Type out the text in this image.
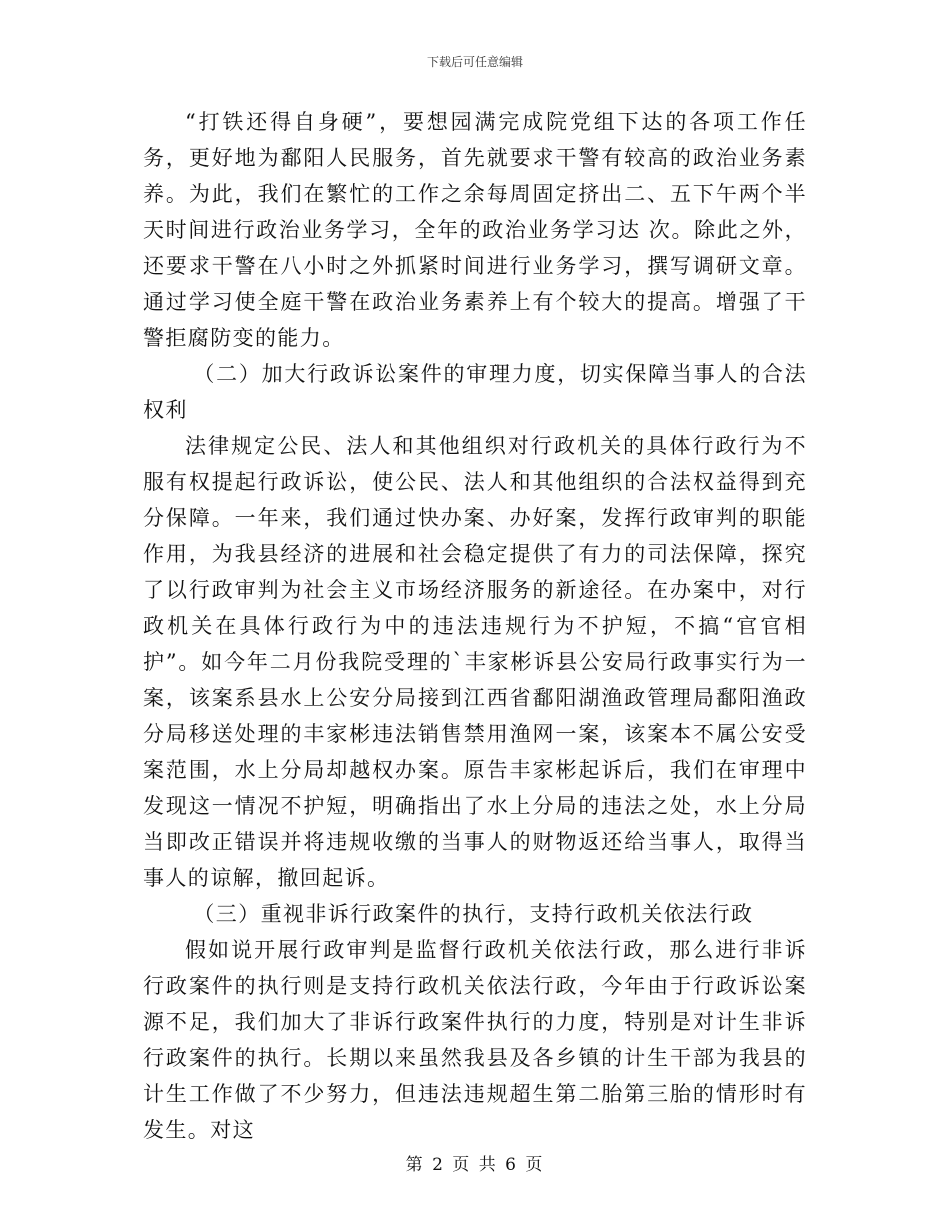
下载后可任意编辑

“打铁还得自身硬”，要想园满完成院党组下达的各项工作任务，更好地为鄱阳人民服务，首先就要求干警有较高的政治业务素养。为此，我们在繁忙的工作之余每周固定挤出二、五下午两个半天时间进行政治业务学习，全年的政治业务学习达 次。除此之外，还要求干警在八小时之外抓紧时间进行业务学习，撰写调研文章。通过学习使全庭干警在政治业务素养上有个较大的提高。增强了干警拒腐防变的能力。

（二）加大行政诉讼案件的审理力度，切实保障当事人的合法权利

法律规定公民、法人和其他组织对行政机关的具体行政行为不服有权提起行政诉讼，使公民、法人和其他组织的合法权益得到充分保障。一年来，我们通过快办案、办好案，发挥行政审判的职能作用，为我县经济的进展和社会稳定提供了有力的司法保障，探究了以行政审判为社会主义市场经济服务的新途径。在办案中，对行政机关在具体行政行为中的违法违规行为不护短，不搞“官官相护”。如今年二月份我院受理的`丰家彬诉县公安局行政事实行为一案，该案系县水上公安分局接到江西省鄱阳湖渔政管理局鄱阳渔政分局移送处理的丰家彬违法销售禁用渔网一案，该案本不属公安受案范围，水上分局却越权办案。原告丰家彬起诉后，我们在审理中发现这一情况不护短，明确指出了水上分局的违法之处，水上分局当即改正错误并将违规收缴的当事人的财物返还给当事人，取得当事人的谅解，撤回起诉。

（三）重视非诉行政案件的执行，支持行政机关依法行政

假如说开展行政审判是监督行政机关依法行政，那么进行非诉行政案件的执行则是支持行政机关依法行政，今年由于行政诉讼案源不足，我们加大了非诉行政案件执行的力度，特别是对计生非诉行政案件的执行。长期以来虽然我县及各乡镇的计生干部为我县的计生工作做了不少努力，但违法违规超生第二胎第三胎的情形时有发生。对这

第 2 页 共 6 页
